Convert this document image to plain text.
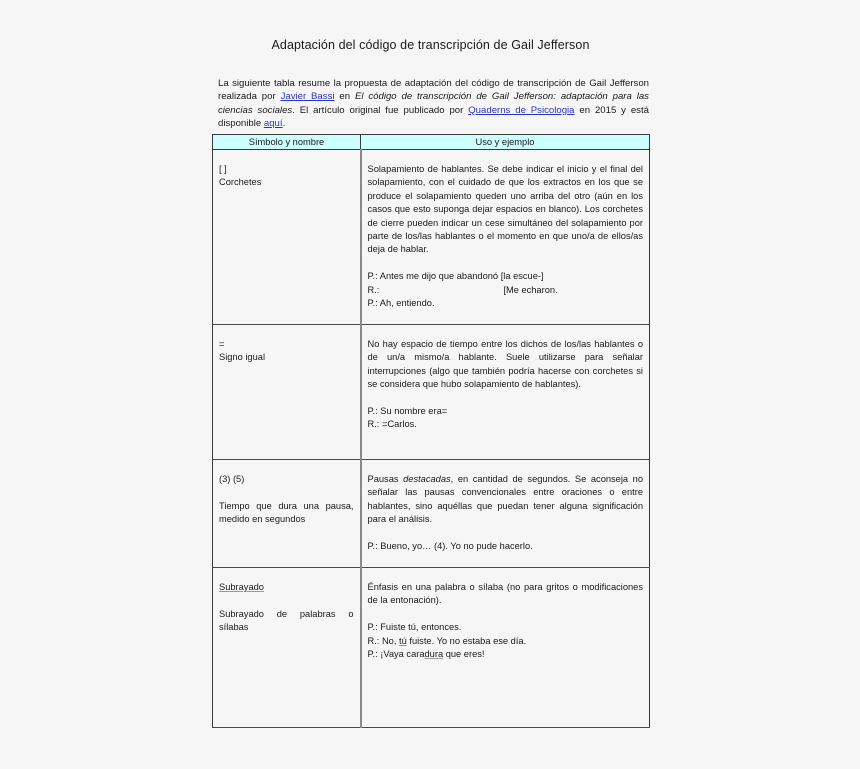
Adaptación del código de transcripción de Gail Jefferson

La siguiente tabla resume la propuesta de adaptación del código de transcripción de Gail Jefferson realizada por Javier Bassi en El código de transcripción de Gail Jefferson: adaptación para las ciencias sociales. El artículo original fue publicado por Quaderns de Psicologia en 2015 y está disponible aquí.

Símbolo y nombre	Uso y ejemplo

[ ]
Corchetes	Solapamiento de hablantes. Se debe indicar el inicio y el final del solapamiento, con el cuidado de que los extractos en los que se produce el solapamiento queden uno arriba del otro (aún en los casos que esto suponga dejar espacios en blanco). Los corchetes de cierre pueden indicar un cese simultáneo del solapamiento por parte de los/las hablantes o el momento en que uno/a de ellos/as deja de hablar.
P.: Antes me dijo que abandonó [la escue-]
R.:                                                [Me echaron.
P.: Ah, entiendo.

=
Signo igual	No hay espacio de tiempo entre los dichos de los/las hablantes o de un/a mismo/a hablante. Suele utilizarse para señalar interrupciones (algo que también podría hacerse con corchetes si se considera que hubo solapamiento de hablantes).
P.: Su nombre era=
R.: =Carlos.

(3) (5)
Tiempo que dura una pausa, medido en segundos	Pausas destacadas, en cantidad de segundos. Se aconseja no señalar las pausas convencionales entre oraciones o entre hablantes, sino aquéllas que puedan tener alguna significación para el análisis.
P.: Bueno, yo… (4). Yo no pude hacerlo.

Subrayado
Subrayado de palabras o sílabas	Énfasis en una palabra o sílaba (no para gritos o modificaciones de la entonación).
P.: Fuiste tú, entonces.
R.: No, tú fuiste. Yo no estaba ese día.
P.: ¡Vaya caradura que eres!
